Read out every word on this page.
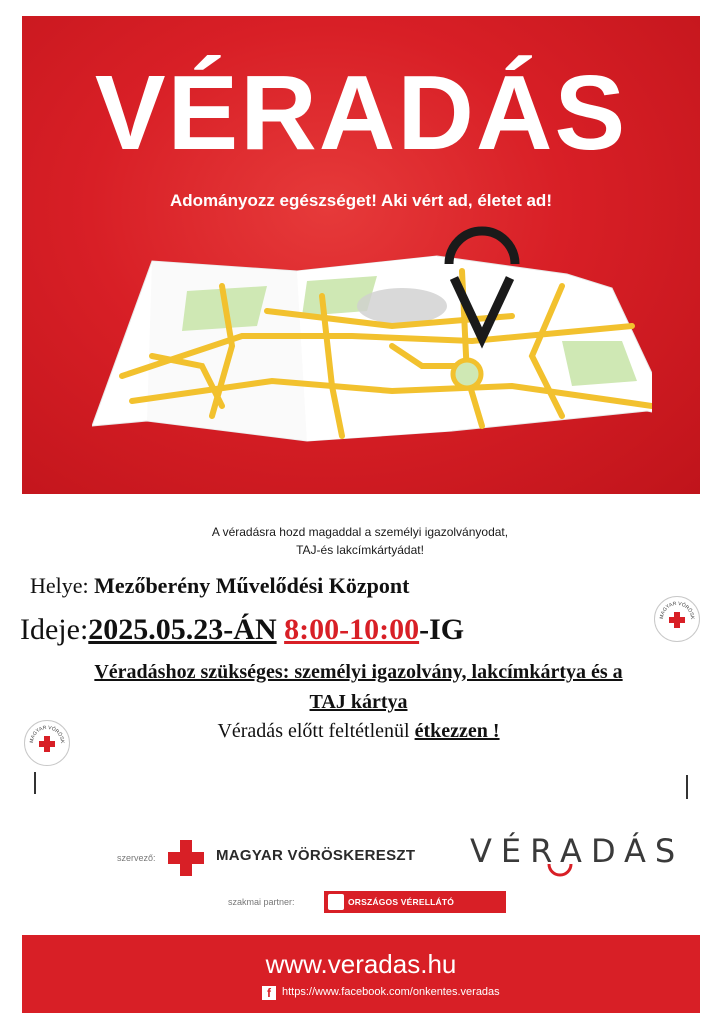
VÉRADÁS
Adományozz egészséget! Aki vért ad, életet ad!
A véradásra hozd magaddal a személyi igazolványodat,
TAJ-és lakcímkártyádat!
Helye: Mezőberény Művelődési Központ
Ideje:2025.05.23-ÁN 8:00-10:00-IG
Véradáshoz szükséges: személyi igazolvány, lakcímkártya és a
TAJ kártya
Véradás előtt feltétlenül étkezzen !
MAGYAR VÖRÖSK
MAGYAR VÖRÖSK
szervező:	MAGYAR VÖRÖSKERESZT VÉRADÁS
szakmai partner:	ORSZÁGOS VÉRELLÁTÓ SZOLGÁLAT
www.veradas.hu
f https://www.facebook.com/onkentes.veradas
